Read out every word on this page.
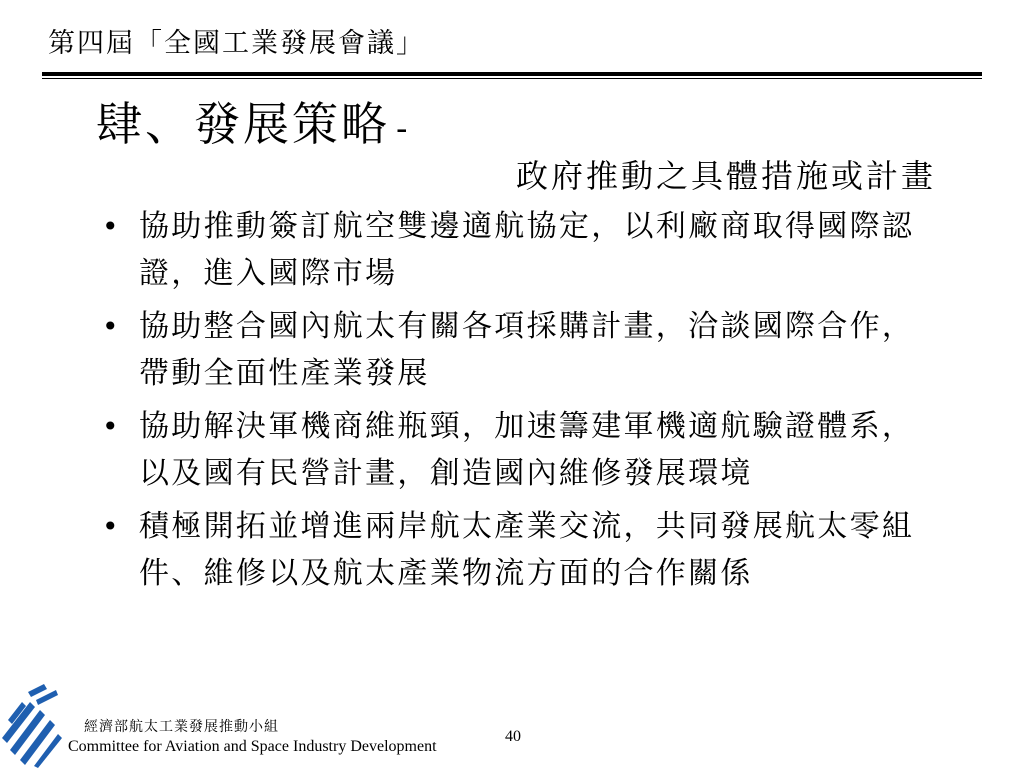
第四屆「全國工業發展會議」
肆、發展策略 -
政府推動之具體措施或計畫
• 協助推動簽訂航空雙邊適航協定，以利廠商取得國際認證，進入國際市場
• 協助整合國內航太有關各項採購計畫，洽談國際合作，帶動全面性產業發展
• 協助解決軍機商維瓶頸，加速籌建軍機適航驗證體系，以及國有民營計畫，創造國內維修發展環境
• 積極開拓並增進兩岸航太產業交流，共同發展航太零組件、維修以及航太產業物流方面的合作關係
經濟部航太工業發展推動小組
Committee for Aviation and Space Industry Development
40
